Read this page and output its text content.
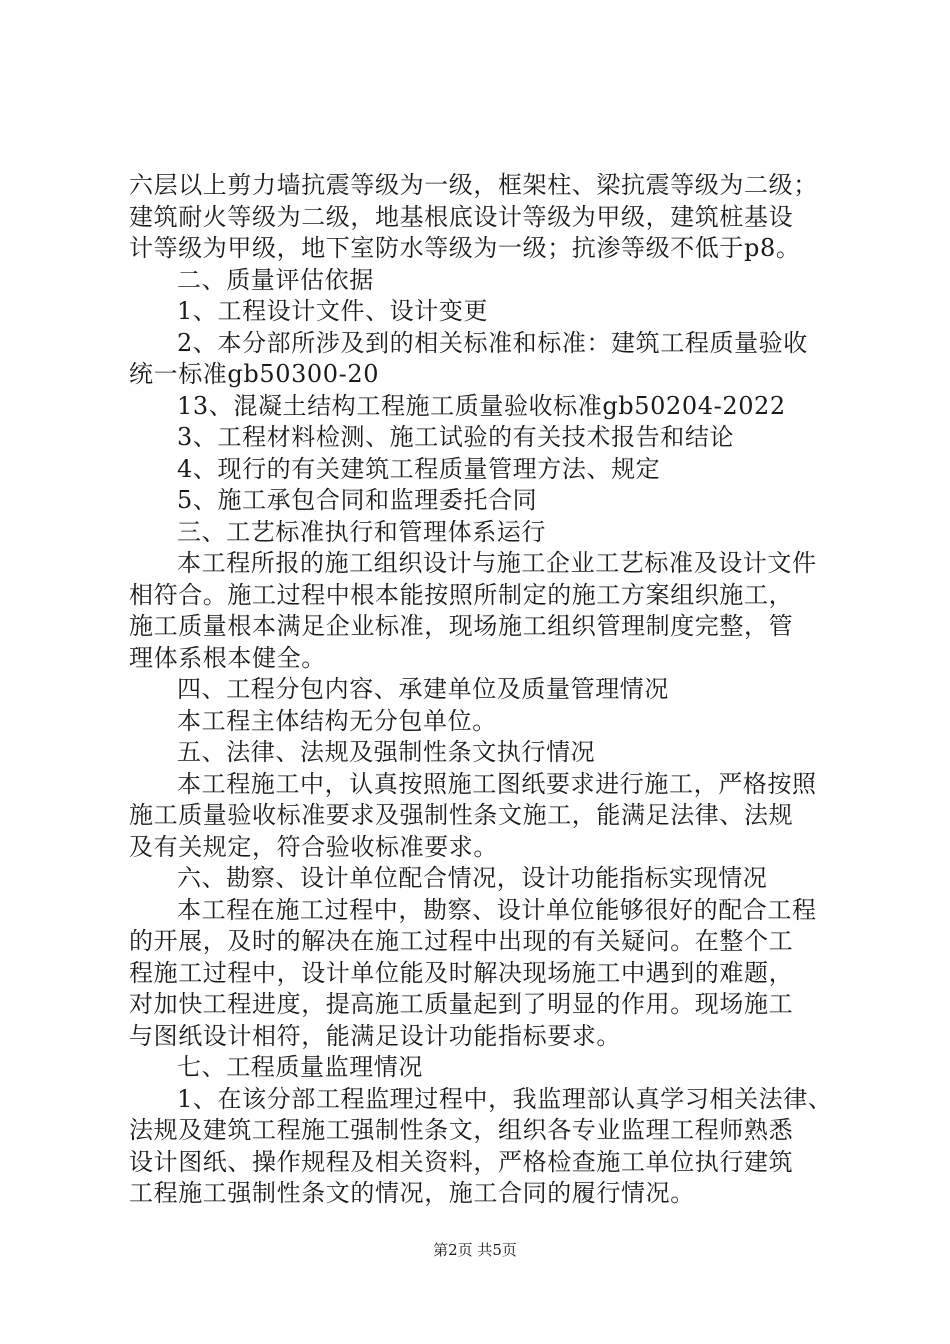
六层以上剪力墙抗震等级为一级，框架柱、梁抗震等级为二级；
建筑耐火等级为二级，地基根底设计等级为甲级，建筑桩基设
计等级为甲级，地下室防水等级为一级；抗渗等级不低于p8。
二、质量评估依据
1、工程设计文件、设计变更
2、本分部所涉及到的相关标准和标准：建筑工程质量验收
统一标准gb50300-20
13、混凝土结构工程施工质量验收标准gb50204-2022
3、工程材料检测、施工试验的有关技术报告和结论
4、现行的有关建筑工程质量管理方法、规定
5、施工承包合同和监理委托合同
三、工艺标准执行和管理体系运行
本工程所报的施工组织设计与施工企业工艺标准及设计文件
相符合。施工过程中根本能按照所制定的施工方案组织施工，
施工质量根本满足企业标准，现场施工组织管理制度完整，管
理体系根本健全。
四、工程分包内容、承建单位及质量管理情况
本工程主体结构无分包单位。
五、法律、法规及强制性条文执行情况
本工程施工中，认真按照施工图纸要求进行施工，严格按照
施工质量验收标准要求及强制性条文施工，能满足法律、法规
及有关规定，符合验收标准要求。
六、勘察、设计单位配合情况，设计功能指标实现情况
本工程在施工过程中，勘察、设计单位能够很好的配合工程
的开展，及时的解决在施工过程中出现的有关疑问。在整个工
程施工过程中，设计单位能及时解决现场施工中遇到的难题，
对加快工程进度，提高施工质量起到了明显的作用。现场施工
与图纸设计相符，能满足设计功能指标要求。
七、工程质量监理情况
1、在该分部工程监理过程中，我监理部认真学习相关法律、
法规及建筑工程施工强制性条文，组织各专业监理工程师熟悉
设计图纸、操作规程及相关资料，严格检查施工单位执行建筑
工程施工强制性条文的情况，施工合同的履行情况。
第2页 共5页
